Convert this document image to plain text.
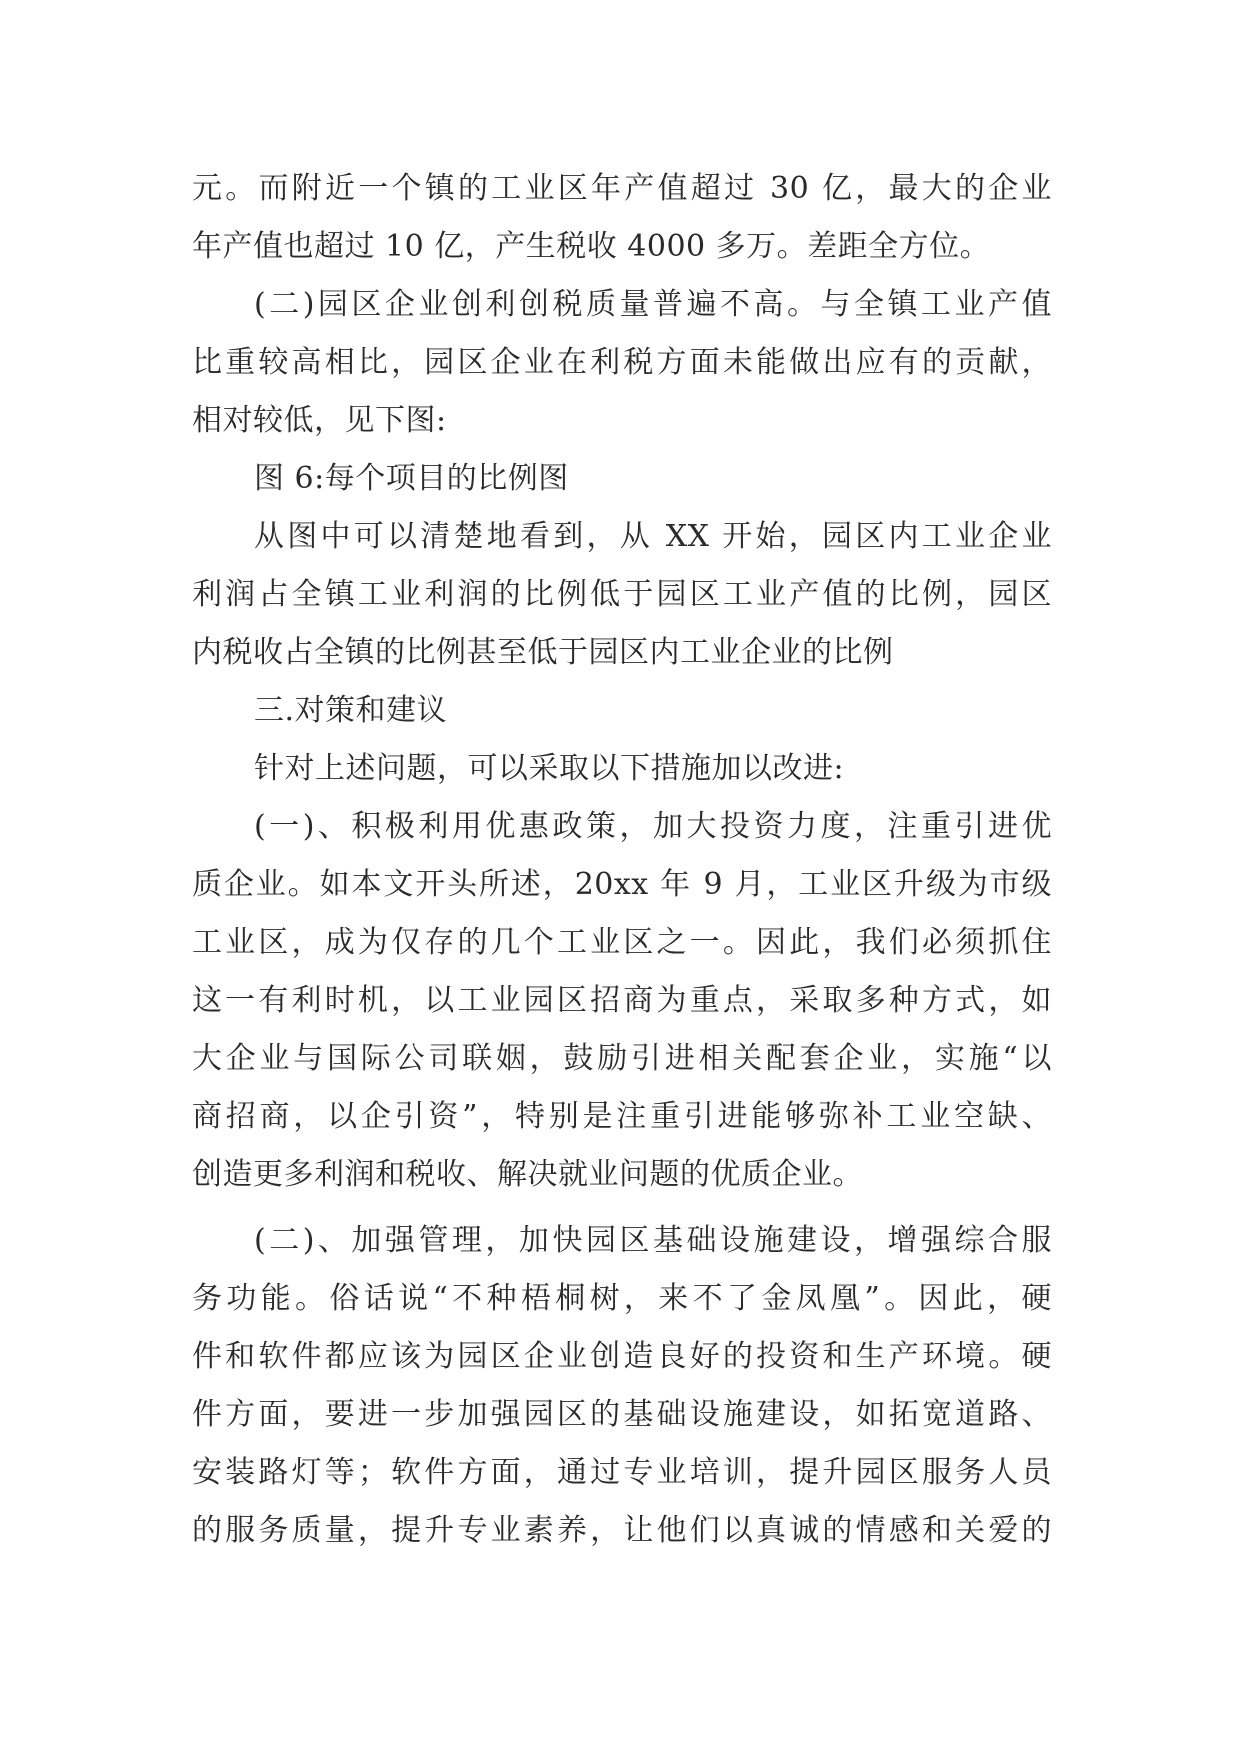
元。而附近一个镇的工业区年产值超过 30 亿，最大的企业
年产值也超过 10 亿，产生税收 4000 多万。差距全方位。
(二)园区企业创利创税质量普遍不高。与全镇工业产值
比重较高相比，园区企业在利税方面未能做出应有的贡献，
相对较低，见下图:
图 6:每个项目的比例图
从图中可以清楚地看到，从 XX 开始，园区内工业企业
利润占全镇工业利润的比例低于园区工业产值的比例，园区
内税收占全镇的比例甚至低于园区内工业企业的比例
三.对策和建议
针对上述问题，可以采取以下措施加以改进:
(一)、积极利用优惠政策，加大投资力度，注重引进优
质企业。如本文开头所述，20xx 年 9 月，工业区升级为市级
工业区，成为仅存的几个工业区之一。因此，我们必须抓住
这一有利时机，以工业园区招商为重点，采取多种方式，如
大企业与国际公司联姻，鼓励引进相关配套企业，实施“以
商招商，以企引资”，特别是注重引进能够弥补工业空缺、
创造更多利润和税收、解决就业问题的优质企业。
(二)、加强管理，加快园区基础设施建设，增强综合服
务功能。俗话说“不种梧桐树，来不了金凤凰”。因此，硬
件和软件都应该为园区企业创造良好的投资和生产环境。硬
件方面，要进一步加强园区的基础设施建设，如拓宽道路、
安装路灯等；软件方面，通过专业培训，提升园区服务人员
的服务质量，提升专业素养，让他们以真诚的情感和关爱的
